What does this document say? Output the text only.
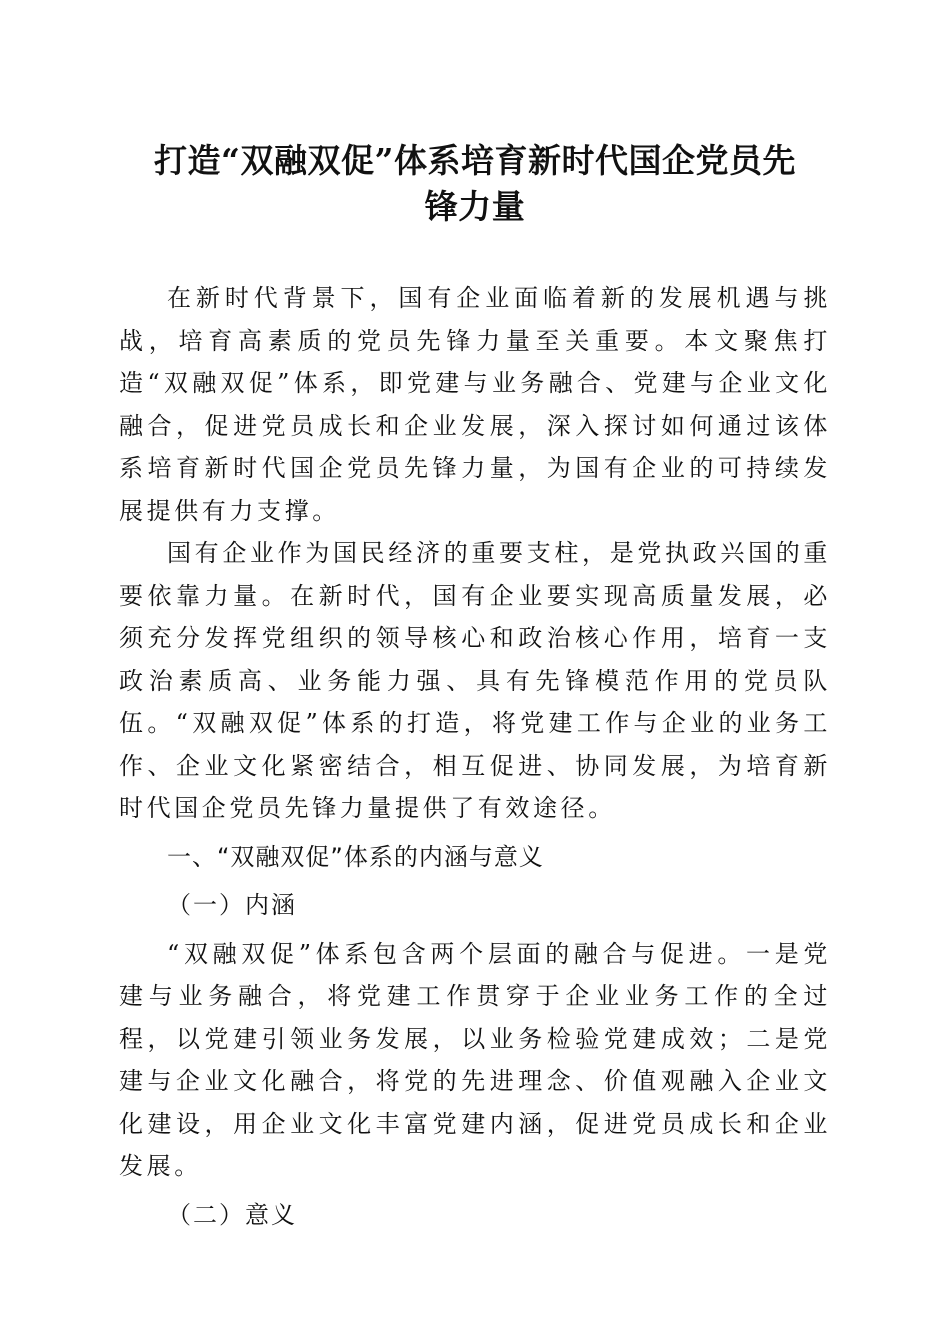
打造“双融双促”体系培育新时代国企党员先
锋力量

在新时代背景下，国有企业面临着新的发展机遇与挑战，培育高素质的党员先锋力量至关重要。本文聚焦打造“双融双促”体系，即党建与业务融合、党建与企业文化融合，促进党员成长和企业发展，深入探讨如何通过该体系培育新时代国企党员先锋力量，为国有企业的可持续发展提供有力支撑。

国有企业作为国民经济的重要支柱，是党执政兴国的重要依靠力量。在新时代，国有企业要实现高质量发展，必须充分发挥党组织的领导核心和政治核心作用，培育一支政治素质高、业务能力强、具有先锋模范作用的党员队伍。“双融双促”体系的打造，将党建工作与企业的业务工作、企业文化紧密结合，相互促进、协同发展，为培育新时代国企党员先锋力量提供了有效途径。

一、“双融双促”体系的内涵与意义

（一）内涵

“双融双促”体系包含两个层面的融合与促进。一是党建与业务融合，将党建工作贯穿于企业业务工作的全过程，以党建引领业务发展，以业务检验党建成效；二是党建与企业文化融合，将党的先进理念、价值观融入企业文化建设，用企业文化丰富党建内涵，促进党员成长和企业发展。

（二）意义
